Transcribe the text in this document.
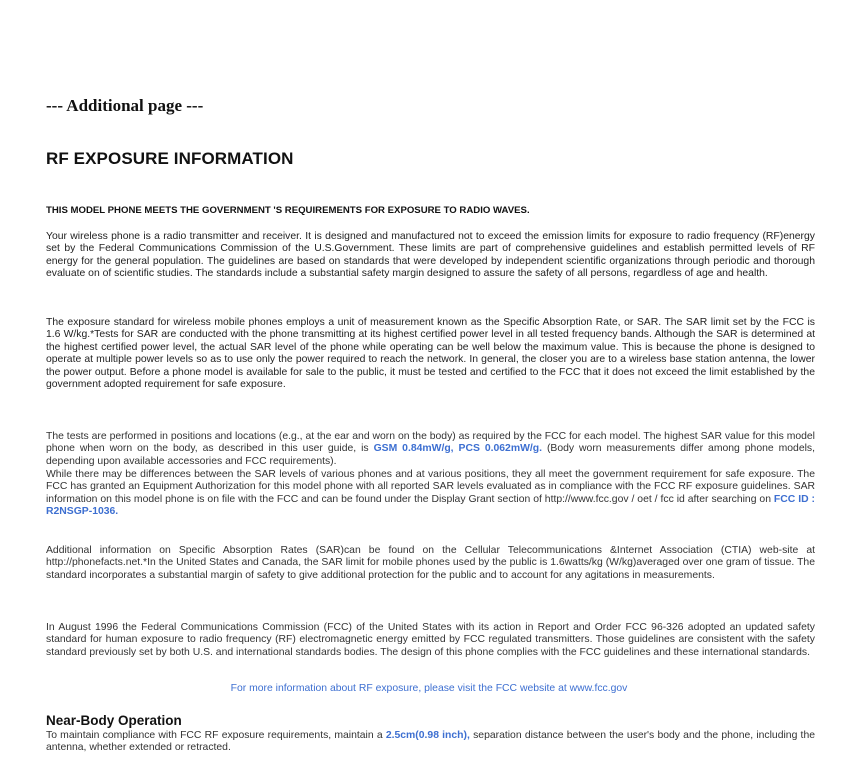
--- Additional page ---
RF EXPOSURE INFORMATION
THIS MODEL PHONE MEETS THE GOVERNMENT 'S REQUIREMENTS FOR EXPOSURE TO RADIO WAVES.
Your wireless phone is a radio transmitter and receiver. It is designed and manufactured not to exceed the emission limits for exposure to radio frequency (RF)energy set by the Federal Communications Commission of the U.S.Government. These limits are part of comprehensive guidelines and establish permitted levels of RF energy for the general population. The guidelines are based on standards that were developed by independent scientific organizations through periodic and thorough evaluate on of scientific studies. The standards include a substantial safety margin designed to assure the safety of all persons, regardless of age and health.
The exposure standard for wireless mobile phones employs a unit of measurement known as the Specific Absorption Rate, or SAR. The SAR limit set by the FCC is 1.6 W/kg.*Tests for SAR are conducted with the phone transmitting at its highest certified power level in all tested frequency bands. Although the SAR is determined at the highest certified power level, the actual SAR level of the phone while operating can be well below the maximum value. This is because the phone is designed to operate at multiple power levels so as to use only the power required to reach the network. In general, the closer you are to a wireless base station antenna, the lower the power output. Before a phone model is available for sale to the public, it must be tested and certified to the FCC that it does not exceed the limit established by the government adopted requirement for safe exposure.
The tests are performed in positions and locations (e.g., at the ear and worn on the body) as required by the FCC for each model. The highest SAR value for this model phone when worn on the body, as described in this user guide, is GSM 0.84mW/g, PCS 0.062mW/g. (Body worn measurements differ among phone models, depending upon available accessories and FCC requirements).
While there may be differences between the SAR levels of various phones and at various positions, they all meet the government requirement for safe exposure. The FCC has granted an Equipment Authorization for this model phone with all reported SAR levels evaluated as in compliance with the FCC RF exposure guidelines. SAR information on this model phone is on file with the FCC and can be found under the Display Grant section of http://www.fcc.gov / oet / fcc id after searching on FCC ID : R2NSGP-1036.
Additional information on Specific Absorption Rates (SAR)can be found on the Cellular Telecommunications &Internet Association (CTIA) web-site at http://phonefacts.net.*In the United States and Canada, the SAR limit for mobile phones used by the public is 1.6watts/kg (W/kg)averaged over one gram of tissue. The standard incorporates a substantial margin of safety to give additional protection for the public and to account for any agitations in measurements.
In August 1996 the Federal Communications Commission (FCC) of the United States with its action in Report and Order FCC 96-326 adopted an updated safety standard for human exposure to radio frequency (RF) electromagnetic energy emitted by FCC regulated transmitters. Those guidelines are consistent with the safety standard previously set by both U.S. and international standards bodies. The design of this phone complies with the FCC guidelines and these international standards.
For more information about RF exposure, please visit the FCC website at www.fcc.gov
Near-Body Operation
To maintain compliance with FCC RF exposure requirements, maintain a 2.5cm(0.98 inch), separation distance between the user's body and the phone, including the antenna, whether extended or retracted.
